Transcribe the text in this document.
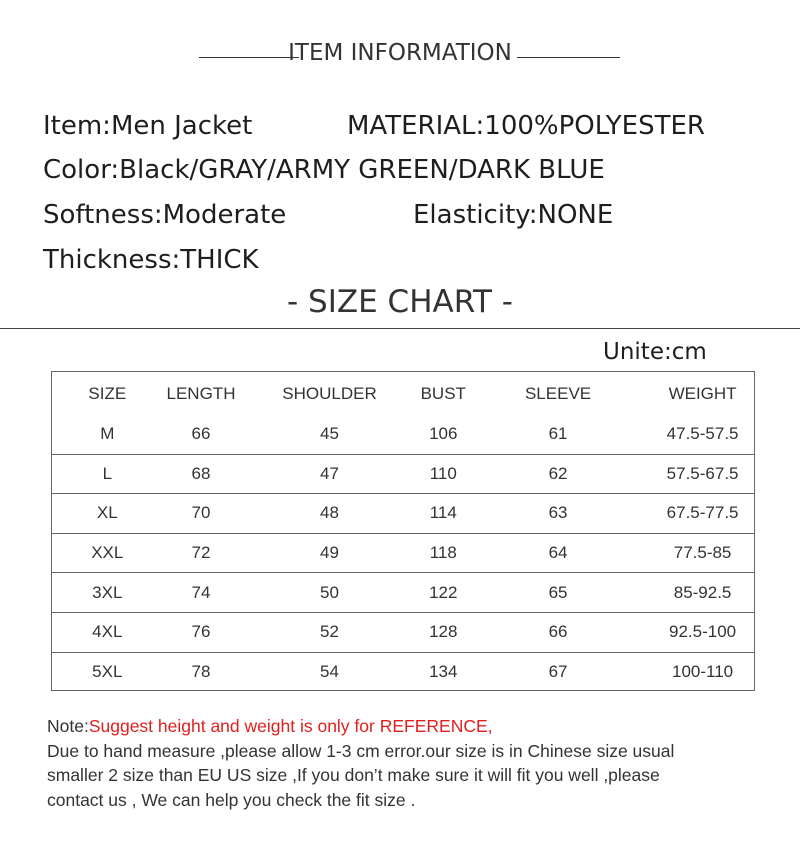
ITEM INFORMATION
Item:Men Jacket	MATERIAL:100%POLYESTER
Color:Black/GRAY/ARMY GREEN/DARK BLUE
Softness:Moderate	Elasticity:NONE
Thickness:THICK
- SIZE CHART -
Unite:cm
SIZE	LENGTH	SHOULDER	BUST	SLEEVE	WEIGHT
M	66	45	106	61	47.5-57.5
L	68	47	110	62	57.5-67.5
XL	70	48	114	63	67.5-77.5
XXL	72	49	118	64	77.5-85
3XL	74	50	122	65	85-92.5
4XL	76	52	128	66	92.5-100
5XL	78	54	134	67	100-110
Note:Suggest height and weight is only for REFERENCE,
Due to hand measure ,please allow 1-3 cm error.our size is in Chinese size usual
smaller 2 size than EU US size ,If you don’t make sure it will fit you well ,please
contact us , We can help you check the fit size .
